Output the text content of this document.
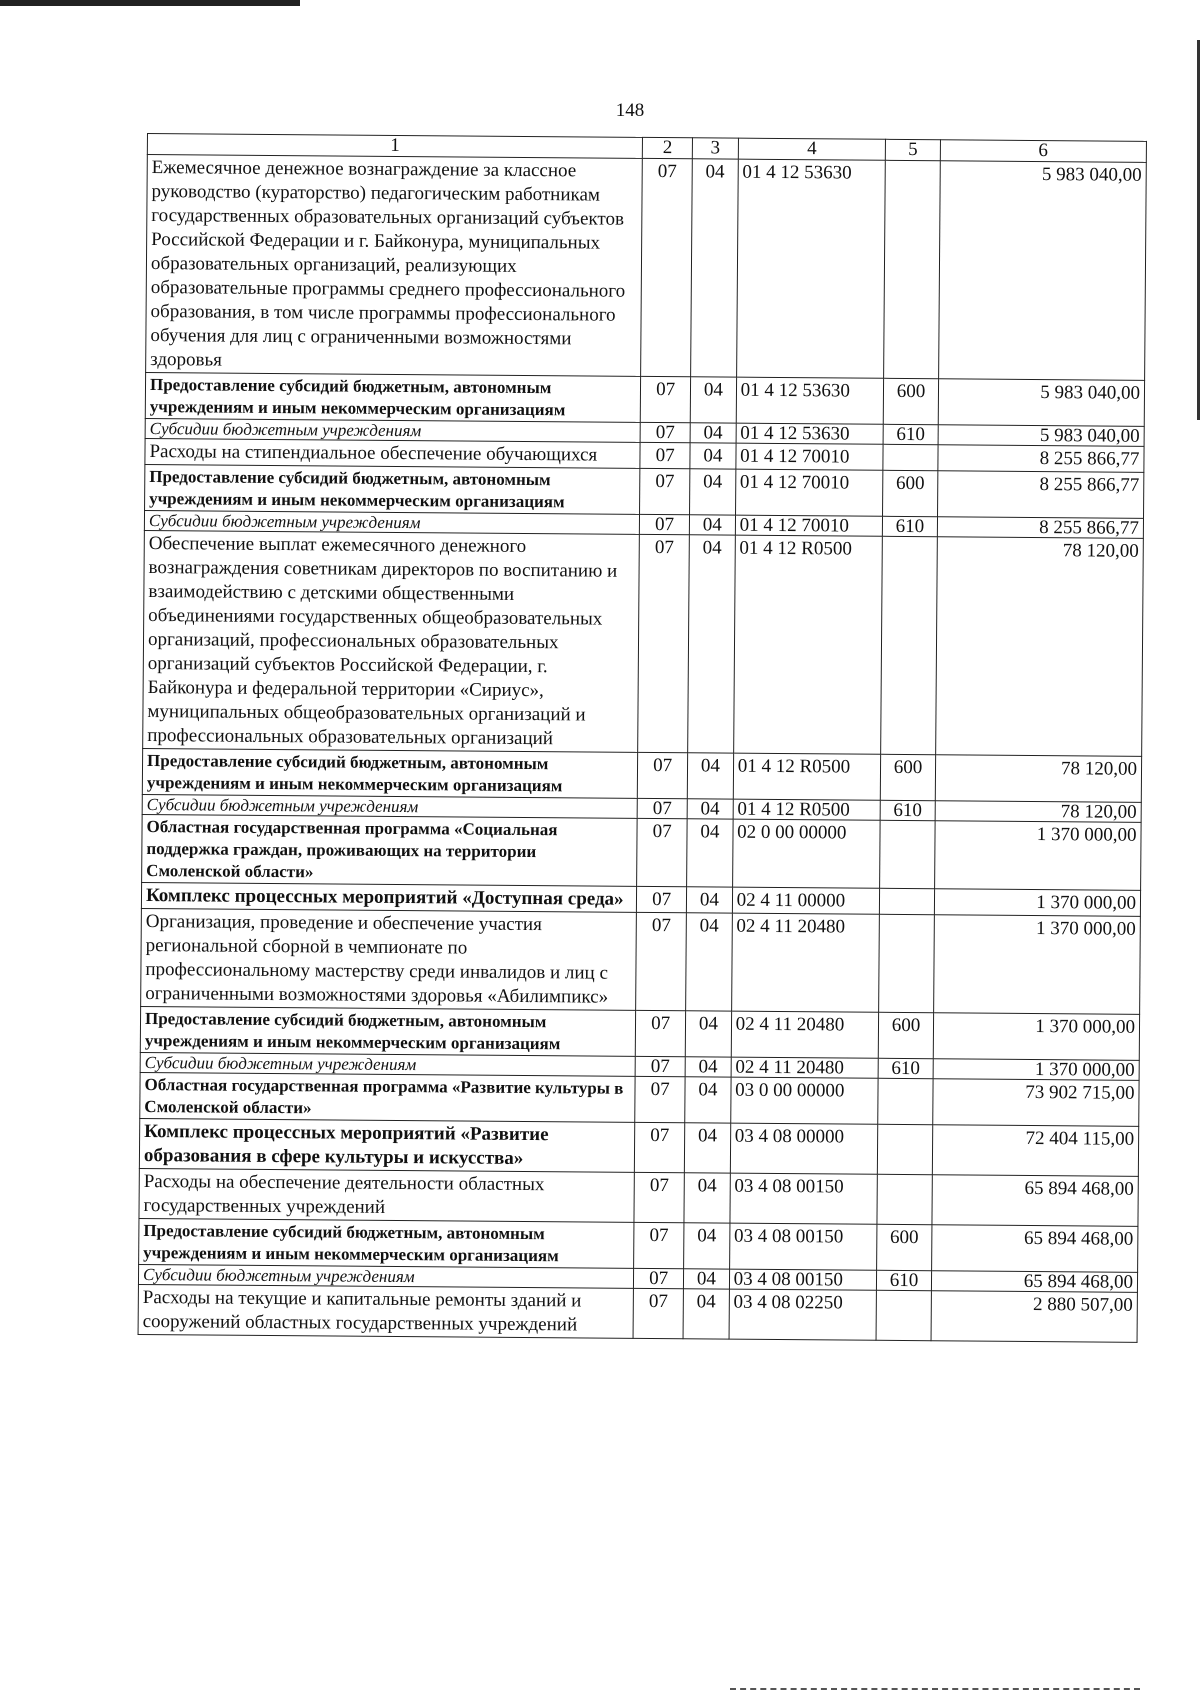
148
1	2	3	4	5	6
Ежемесячное денежное вознаграждение за классное руководство (кураторство) педагогическим работникам государственных образовательных организаций субъектов Российской Федерации и г. Байконура, муниципальных образовательных организаций, реализующих образовательные программы среднего профессионального образования, в том числе программы профессионального обучения для лиц с ограниченными возможностями здоровья	07	04	01 4 12 53630		5 983 040,00
Предоставление субсидий бюджетным, автономным учреждениям и иным некоммерческим организациям	07	04	01 4 12 53630	600	5 983 040,00
Субсидии бюджетным учреждениям	07	04	01 4 12 53630	610	5 983 040,00
Расходы на стипендиальное обеспечение обучающихся	07	04	01 4 12 70010		8 255 866,77
Предоставление субсидий бюджетным, автономным учреждениям и иным некоммерческим организациям	07	04	01 4 12 70010	600	8 255 866,77
Субсидии бюджетным учреждениям	07	04	01 4 12 70010	610	8 255 866,77
Обеспечение выплат ежемесячного денежного вознаграждения советникам директоров по воспитанию и взаимодействию с детскими общественными объединениями государственных общеобразовательных организаций, профессиональных образовательных организаций субъектов Российской Федерации, г. Байконура и федеральной территории «Сириус», муниципальных общеобразовательных организаций и профессиональных образовательных организаций	07	04	01 4 12 R0500		78 120,00
Предоставление субсидий бюджетным, автономным учреждениям и иным некоммерческим организациям	07	04	01 4 12 R0500	600	78 120,00
Субсидии бюджетным учреждениям	07	04	01 4 12 R0500	610	78 120,00
Областная государственная программа «Социальная поддержка граждан, проживающих на территории Смоленской области»	07	04	02 0 00 00000		1 370 000,00
Комплекс процессных мероприятий «Доступная среда»	07	04	02 4 11 00000		1 370 000,00
Организация, проведение и обеспечение участия региональной сборной в чемпионате по профессиональному мастерству среди инвалидов и лиц с ограниченными возможностями здоровья «Абилимпикс»	07	04	02 4 11 20480		1 370 000,00
Предоставление субсидий бюджетным, автономным учреждениям и иным некоммерческим организациям	07	04	02 4 11 20480	600	1 370 000,00
Субсидии бюджетным учреждениям	07	04	02 4 11 20480	610	1 370 000,00
Областная государственная программа «Развитие культуры в Смоленской области»	07	04	03 0 00 00000		73 902 715,00
Комплекс процессных мероприятий «Развитие образования в сфере культуры и искусства»	07	04	03 4 08 00000		72 404 115,00
Расходы на обеспечение деятельности областных государственных учреждений	07	04	03 4 08 00150		65 894 468,00
Предоставление субсидий бюджетным, автономным учреждениям и иным некоммерческим организациям	07	04	03 4 08 00150	600	65 894 468,00
Субсидии бюджетным учреждениям	07	04	03 4 08 00150	610	65 894 468,00
Расходы на текущие и капитальные ремонты зданий и сооружений областных государственных учреждений	07	04	03 4 08 02250		2 880 507,00
